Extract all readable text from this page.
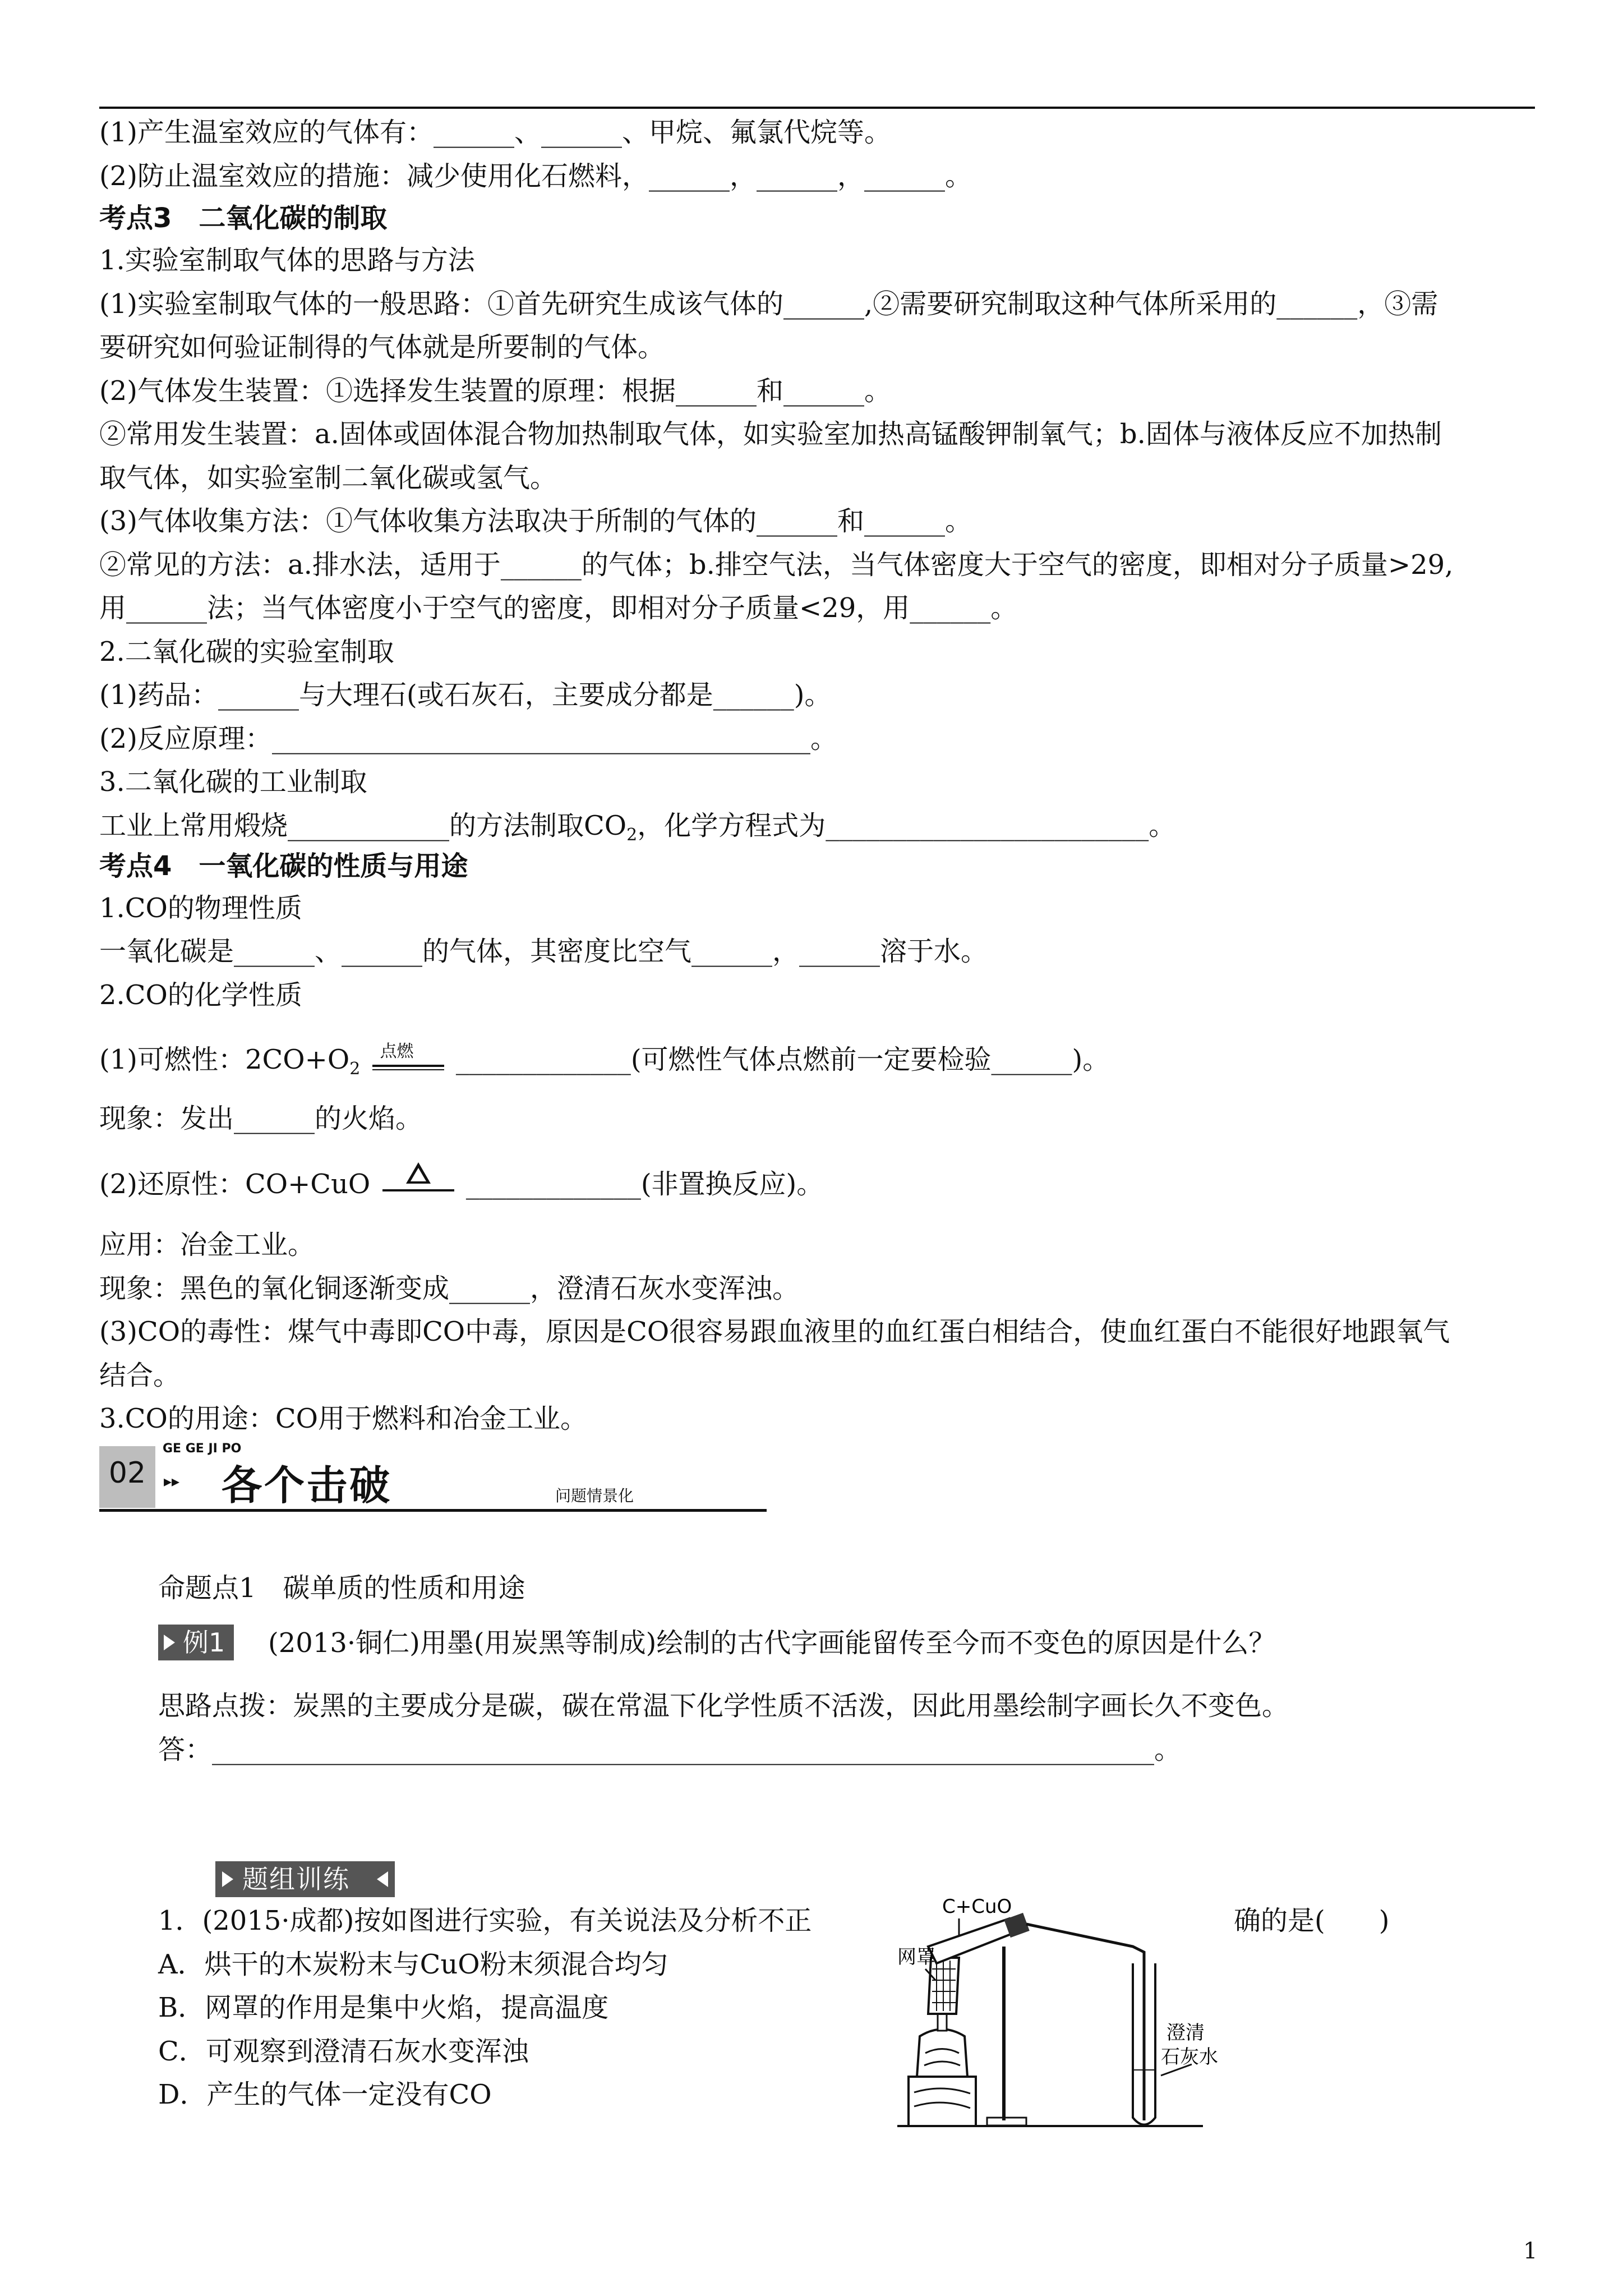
(1)产生温室效应的气体有：______、______、甲烷、氟氯代烷等。
(2)防止温室效应的措施：减少使用化石燃料，______，______，______。
考点3　二氧化碳的制取
1.实验室制取气体的思路与方法
(1)实验室制取气体的一般思路：①首先研究生成该气体的______,②需要研究制取这种气体所采用的______，③需
要研究如何验证制得的气体就是所要制的气体。
(2)气体发生装置：①选择发生装置的原理：根据______和______。
②常用发生装置：a.固体或固体混合物加热制取气体，如实验室加热高锰酸钾制氧气；b.固体与液体反应不加热制
取气体，如实验室制二氧化碳或氢气。
(3)气体收集方法：①气体收集方法取决于所制的气体的______和______。
②常见的方法：a.排水法，适用于______的气体；b.排空气法，当气体密度大于空气的密度，即相对分子质量>29,
用______法；当气体密度小于空气的密度，即相对分子质量<29，用______。
2.二氧化碳的实验室制取
(1)药品：______与大理石(或石灰石，主要成分都是______)。
(2)反应原理：________________________________________。
3.二氧化碳的工业制取
工业上常用煅烧____________的方法制取$CO_2$，化学方程式为________________________。
考点4　一氧化碳的性质与用途
1.CO的物理性质
一氧化碳是______、______的气体，其密度比空气______，______溶于水。
2.CO的化学性质
(1)可燃性：$2CO+O_2$
点燃 _____________(可燃性气体点燃前一定要检验______)。
现象：发出______的火焰。
(2)还原性：CO+CuO	_____________(非置换反应)。
应用：冶金工业。
现象：黑色的氧化铜逐渐变成______，澄清石灰水变浑浊。
(3)CO的毒性：煤气中毒即CO中毒，原因是CO很容易跟血液里的血红蛋白相结合，使血红蛋白不能很好地跟氧气
结合。
3.CO的用途：CO用于燃料和冶金工业。
02
GE GE JI PO
▸▸ 各个击破	问题情景化
命题点1　碳单质的性质和用途
例1 (2013·铜仁)用墨(用炭黑等制成)绘制的古代字画能留传至今而不变色的原因是什么？
思路点拨：炭黑的主要成分是碳，碳在常温下化学性质不活泼，因此用墨绘制字画长久不变色。
答：______________________________________________________________________。
题组训练
1．(2015·成都)按如图进行实验，有关说法及分析不正	确的是(　　)
A．烘干的木炭粉末与CuO粉末须混合均匀
B．网罩的作用是集中火焰，提高温度
C．可观察到澄清石灰水变浑浊
D．产生的气体一定没有CO
C+CuO
网罩
澄清
石灰水
1
